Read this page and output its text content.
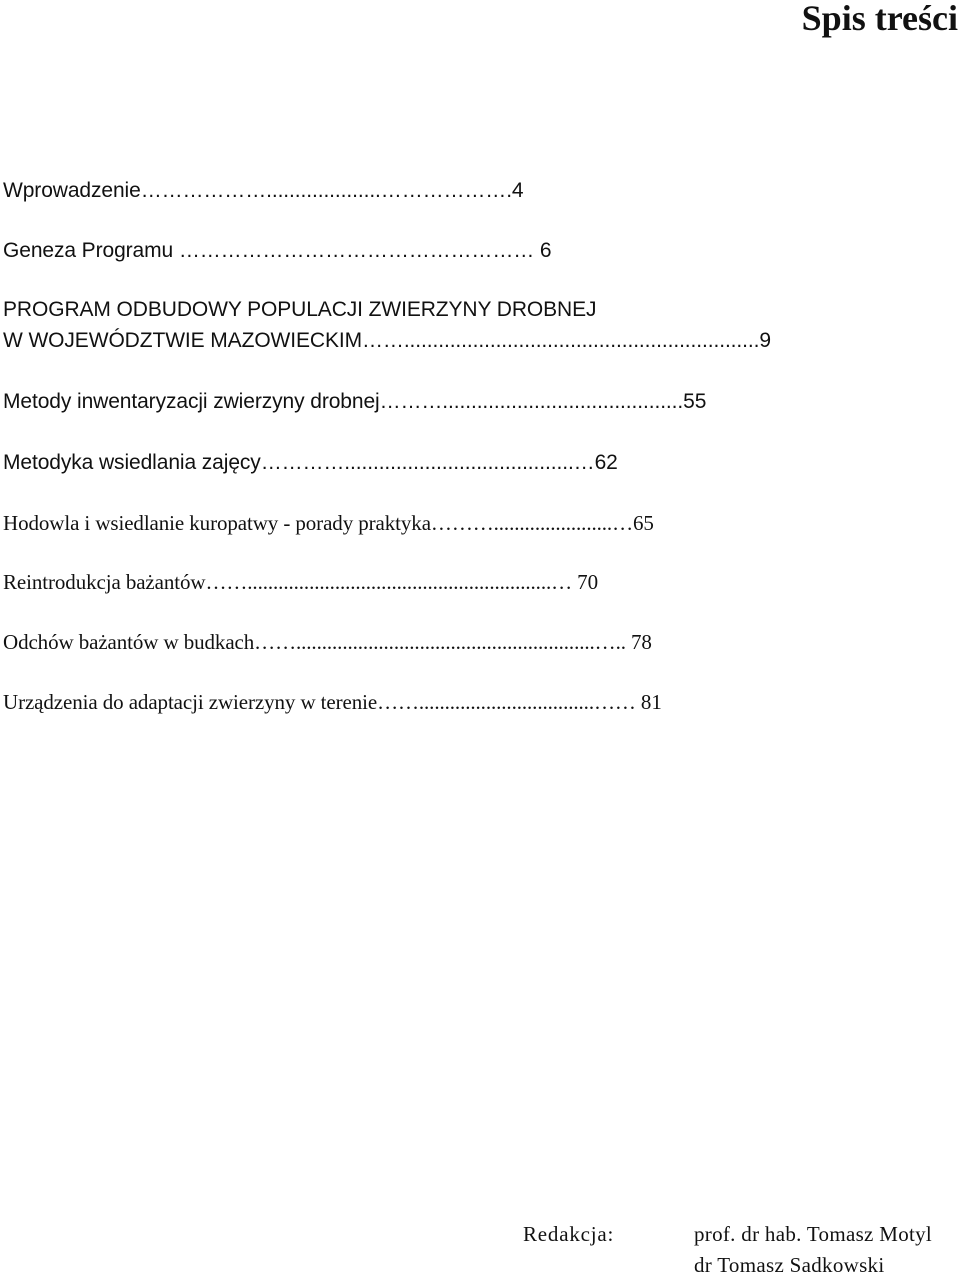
Spis treści
Wprowadzenie………………....................……………….4
Geneza Programu …………………………………………… 6
PROGRAM ODBUDOWY POPULACJI ZWIERZYNY DROBNEJ
W WOJEWÓDZTWIE MAZOWIECKIM……..............................................................9
Metody inwentaryzacji zwierzyny drobnej………..........................................55
Metodyka wsiedlania zajęcy…………........................................…62
Hodowla i wsiedlanie kuropatwy - porady praktyka……….......................…65
Reintrodukcja bażantów……...........................................................… 70
Odchów bażantów w budkach……..........................................................….. 78
Urządzenia do adaptacji zwierzyny w terenie……..................................…… 81
Redakcja:	prof. dr hab. Tomasz Motyl
dr Tomasz Sadkowski
